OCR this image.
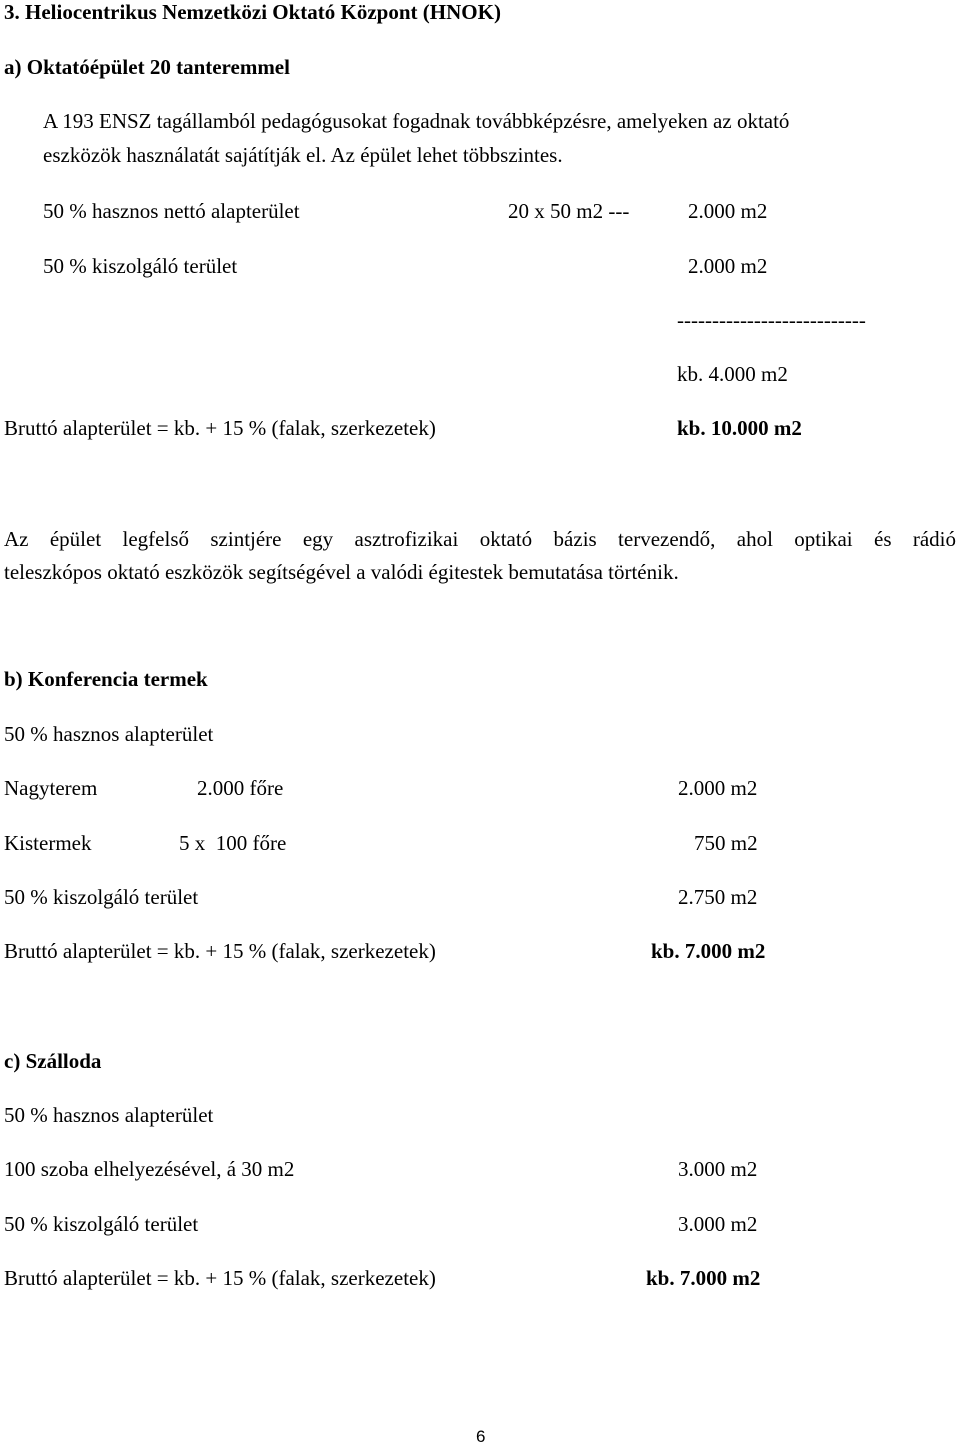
3. Heliocentrikus Nemzetközi Oktató Központ (HNOK)
a) Oktatóépület 20 tanteremmel
A 193 ENSZ tagállamból pedagógusokat fogadnak továbbképzésre, amelyeken az oktató
eszközök használatát sajátítják el. Az épület lehet többszintes.
50 % hasznos nettó alapterület	20 x 50 m2 ---	2.000 m2
50 % kiszolgáló terület	2.000 m2
---------------------------
kb. 4.000 m2
Bruttó alapterület = kb. + 15 % (falak, szerkezetek)	kb. 10.000 m2
Az épület legfelső szintjére egy asztrofizikai oktató bázis tervezendő, ahol optikai és rádió
teleszkópos oktató eszközök segítségével a valódi égitestek bemutatása történik.
b) Konferencia termek
50 % hasznos alapterület
Nagyterem	2.000 főre	2.000 m2
Kistermek	5 x  100 főre	750 m2
50 % kiszolgáló terület	2.750 m2
Bruttó alapterület = kb. + 15 % (falak, szerkezetek)	kb. 7.000 m2
c) Szálloda
50 % hasznos alapterület
100 szoba elhelyezésével, á 30 m2	3.000 m2
50 % kiszolgáló terület	3.000 m2
Bruttó alapterület = kb. + 15 % (falak, szerkezetek)	kb. 7.000 m2
6
